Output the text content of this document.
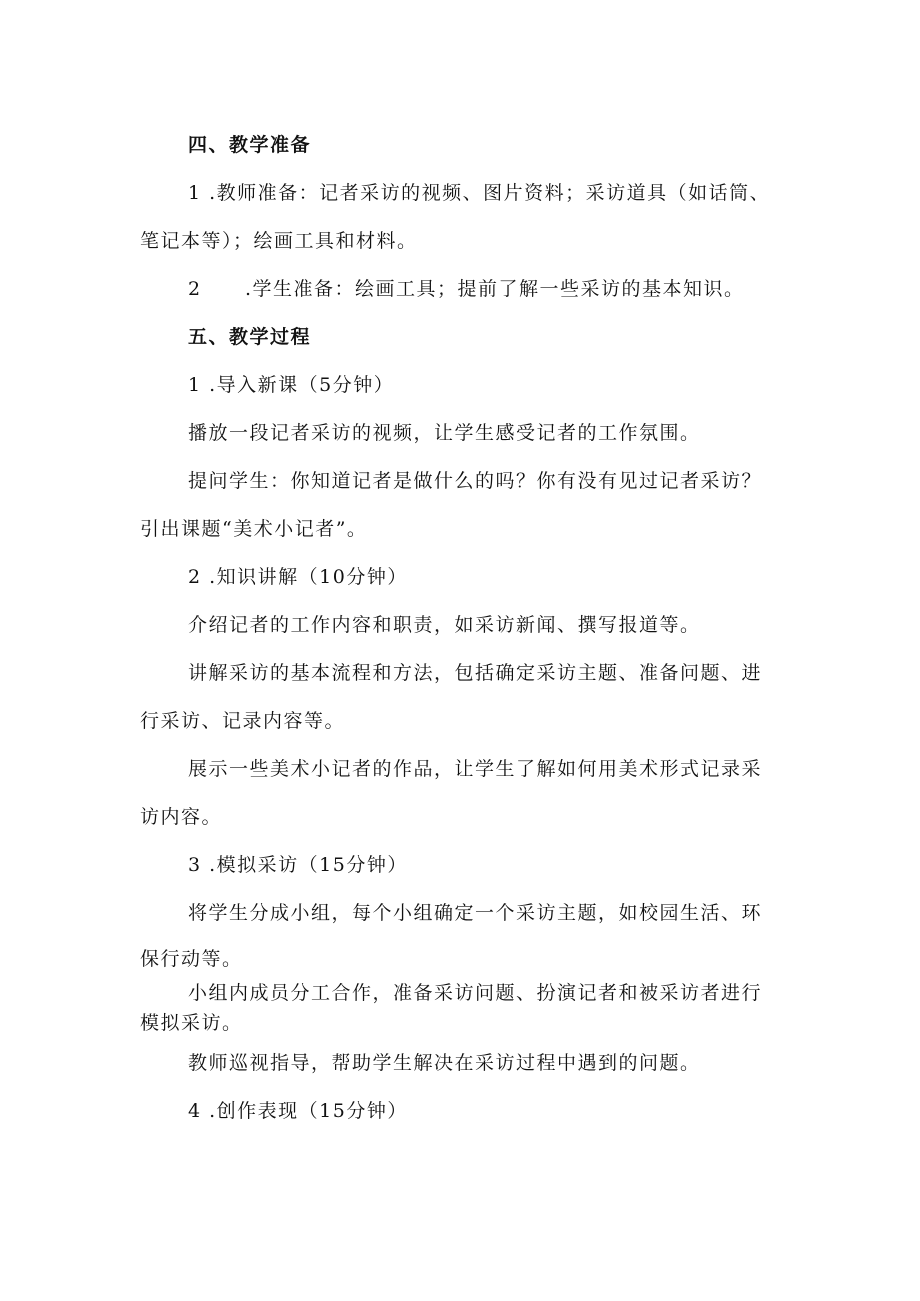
四、教学准备
1 .教师准备：记者采访的视频、图片资料；采访道具（如话筒、
笔记本等）；绘画工具和材料。
2 .学生准备：绘画工具；提前了解一些采访的基本知识。
五、教学过程
1 .导入新课（5分钟）
播放一段记者采访的视频，让学生感受记者的工作氛围。
提问学生：你知道记者是做什么的吗？你有没有见过记者采访？
引出课题“美术小记者”。
2 .知识讲解（10分钟）
介绍记者的工作内容和职责，如采访新闻、撰写报道等。
讲解采访的基本流程和方法，包括确定采访主题、准备问题、进
行采访、记录内容等。
展示一些美术小记者的作品，让学生了解如何用美术形式记录采
访内容。
3 .模拟采访（15分钟）
将学生分成小组，每个小组确定一个采访主题，如校园生活、环
保行动等。
小组内成员分工合作，准备采访问题、扮演记者和被采访者进行
模拟采访。
教师巡视指导，帮助学生解决在采访过程中遇到的问题。
4 .创作表现（15分钟）
